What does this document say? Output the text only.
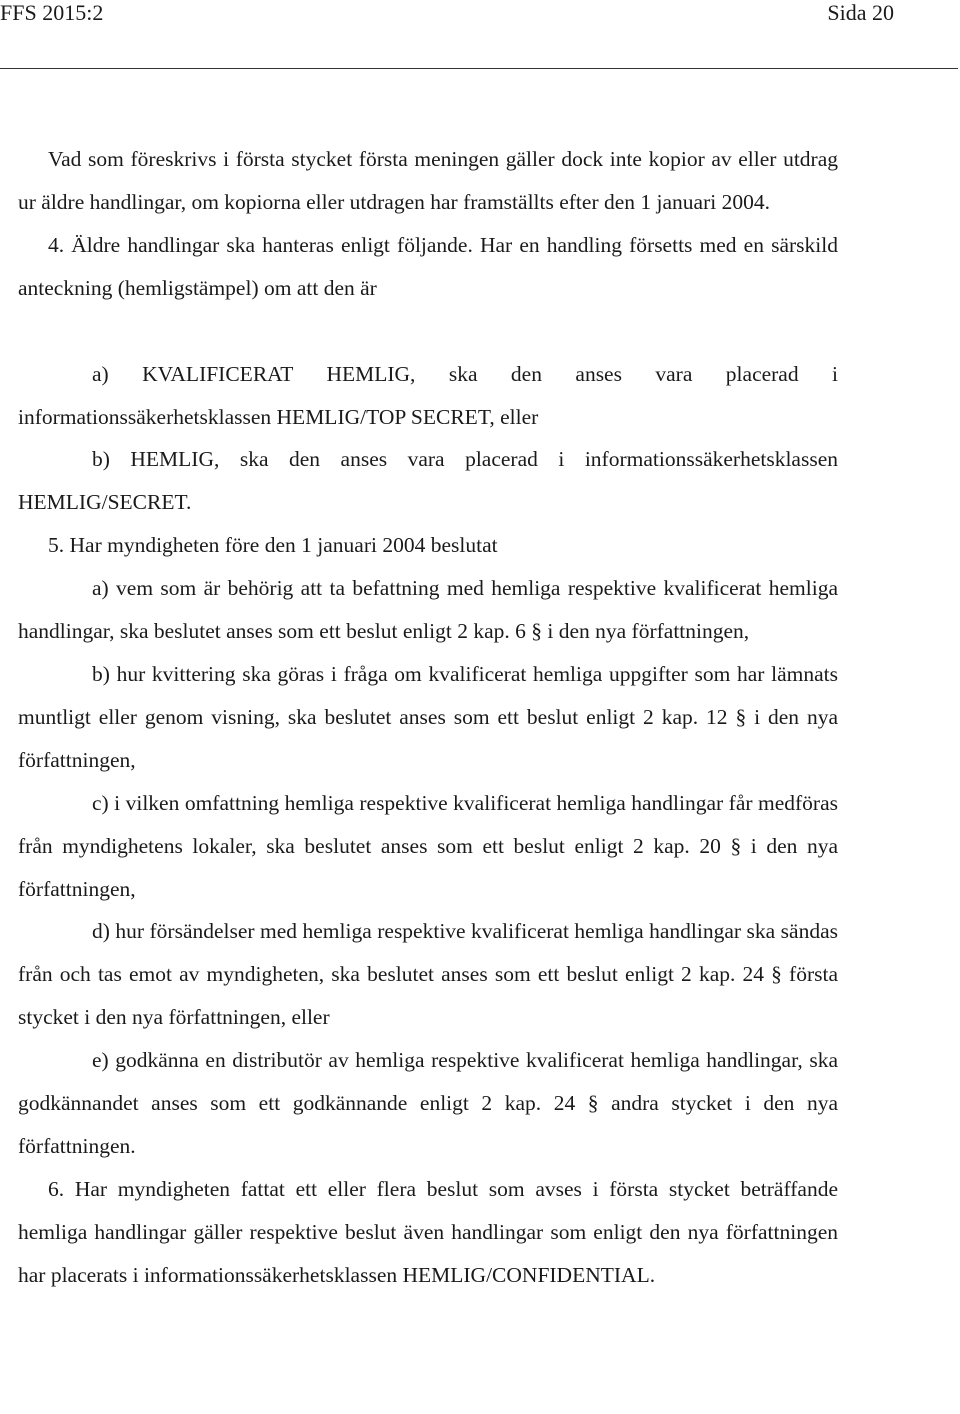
FFS 2015:2	Sida 20

Vad som föreskrivs i första stycket första meningen gäller dock inte kopior av eller utdrag ur äldre handlingar, om kopiorna eller utdragen har framställts efter den 1 januari 2004.

4. Äldre handlingar ska hanteras enligt följande. Har en handling försetts med en särskild anteckning (hemligstämpel) om att den är

a) KVALIFICERAT HEMLIG, ska den anses vara placerad i informationssäkerhetsklassen HEMLIG/TOP SECRET, eller

b) HEMLIG, ska den anses vara placerad i informationssäkerhetsklassen HEMLIG/SECRET.

5. Har myndigheten före den 1 januari 2004 beslutat

a) vem som är behörig att ta befattning med hemliga respektive kvalificerat hemliga handlingar, ska beslutet anses som ett beslut enligt 2 kap. 6 § i den nya författningen,

b) hur kvittering ska göras i fråga om kvalificerat hemliga uppgifter som har lämnats muntligt eller genom visning, ska beslutet anses som ett beslut enligt 2 kap. 12 § i den nya författningen,

c) i vilken omfattning hemliga respektive kvalificerat hemliga handlingar får medföras från myndighetens lokaler, ska beslutet anses som ett beslut enligt 2 kap. 20 § i den nya författningen,

d) hur försändelser med hemliga respektive kvalificerat hemliga handlingar ska sändas från och tas emot av myndigheten, ska beslutet anses som ett beslut enligt 2 kap. 24 § första stycket i den nya författningen, eller

e) godkänna en distributör av hemliga respektive kvalificerat hemliga handlingar, ska godkännandet anses som ett godkännande enligt 2 kap. 24 § andra stycket i den nya författningen.

6. Har myndigheten fattat ett eller flera beslut som avses i första stycket beträffande hemliga handlingar gäller respektive beslut även handlingar som enligt den nya författningen har placerats i informationssäkerhetsklassen HEMLIG/CONFIDENTIAL.
